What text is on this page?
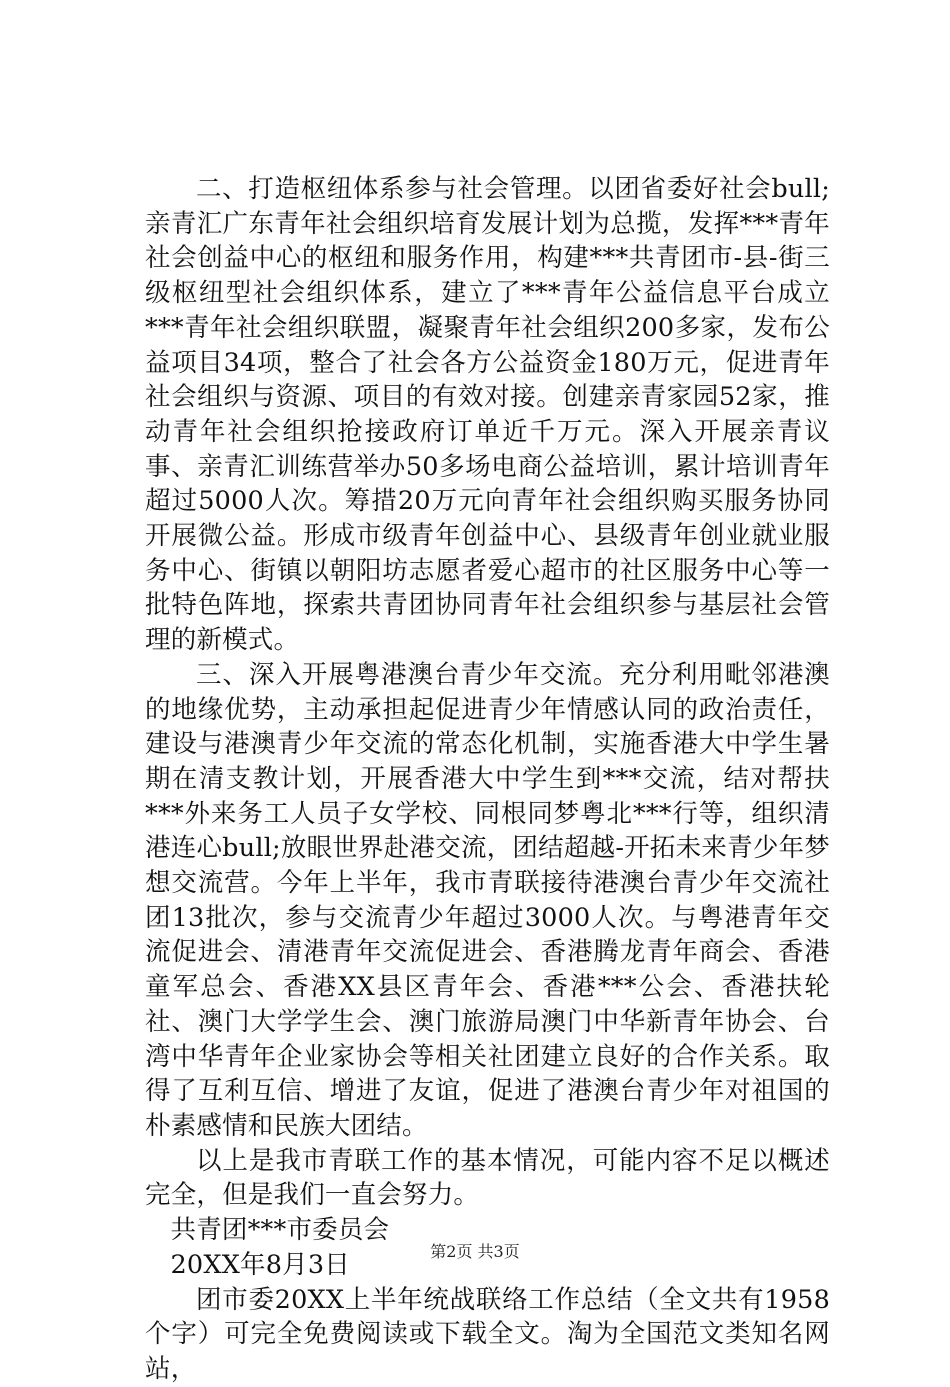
二、打造枢纽体系参与社会管理。以团省委好社会bull;亲青汇广东青年社会组织培育发展计划为总揽，发挥***青年社会创益中心的枢纽和服务作用，构建***共青团市-县-街三级枢纽型社会组织体系，建立了***青年公益信息平台成立***青年社会组织联盟，凝聚青年社会组织200多家，发布公益项目34项，整合了社会各方公益资金180万元，促进青年社会组织与资源、项目的有效对接。创建亲青家园52家，推动青年社会组织抢接政府订单近千万元。深入开展亲青议事、亲青汇训练营举办50多场电商公益培训，累计培训青年超过5000人次。筹措20万元向青年社会组织购买服务协同开展微公益。形成市级青年创益中心、县级青年创业就业服务中心、街镇以朝阳坊志愿者爱心超市的社区服务中心等一批特色阵地，探索共青团协同青年社会组织参与基层社会管理的新模式。

三、深入开展粤港澳台青少年交流。充分利用毗邻港澳的地缘优势，主动承担起促进青少年情感认同的政治责任，建设与港澳青少年交流的常态化机制，实施香港大中学生暑期在清支教计划，开展香港大中学生到***交流，结对帮扶***外来务工人员子女学校、同根同梦粤北***行等，组织清港连心bull;放眼世界赴港交流，团结超越-开拓未来青少年梦想交流营。今年上半年，我市青联接待港澳台青少年交流社团13批次，参与交流青少年超过3000人次。与粤港青年交流促进会、清港青年交流促进会、香港腾龙青年商会、香港童军总会、香港XX县区青年会、香港***公会、香港扶轮社、澳门大学学生会、澳门旅游局澳门中华新青年协会、台湾中华青年企业家协会等相关社团建立良好的合作关系。取得了互利互信、增进了友谊，促进了港澳台青少年对祖国的朴素感情和民族大团结。

以上是我市青联工作的基本情况，可能内容不足以概述完全，但是我们一直会努力。

共青团***市委员会

20XX年8月3日

团市委20XX上半年统战联络工作总结（全文共有1958个字）可完全免费阅读或下载全文。淘为全国范文类知名网站，

第2页 共3页
